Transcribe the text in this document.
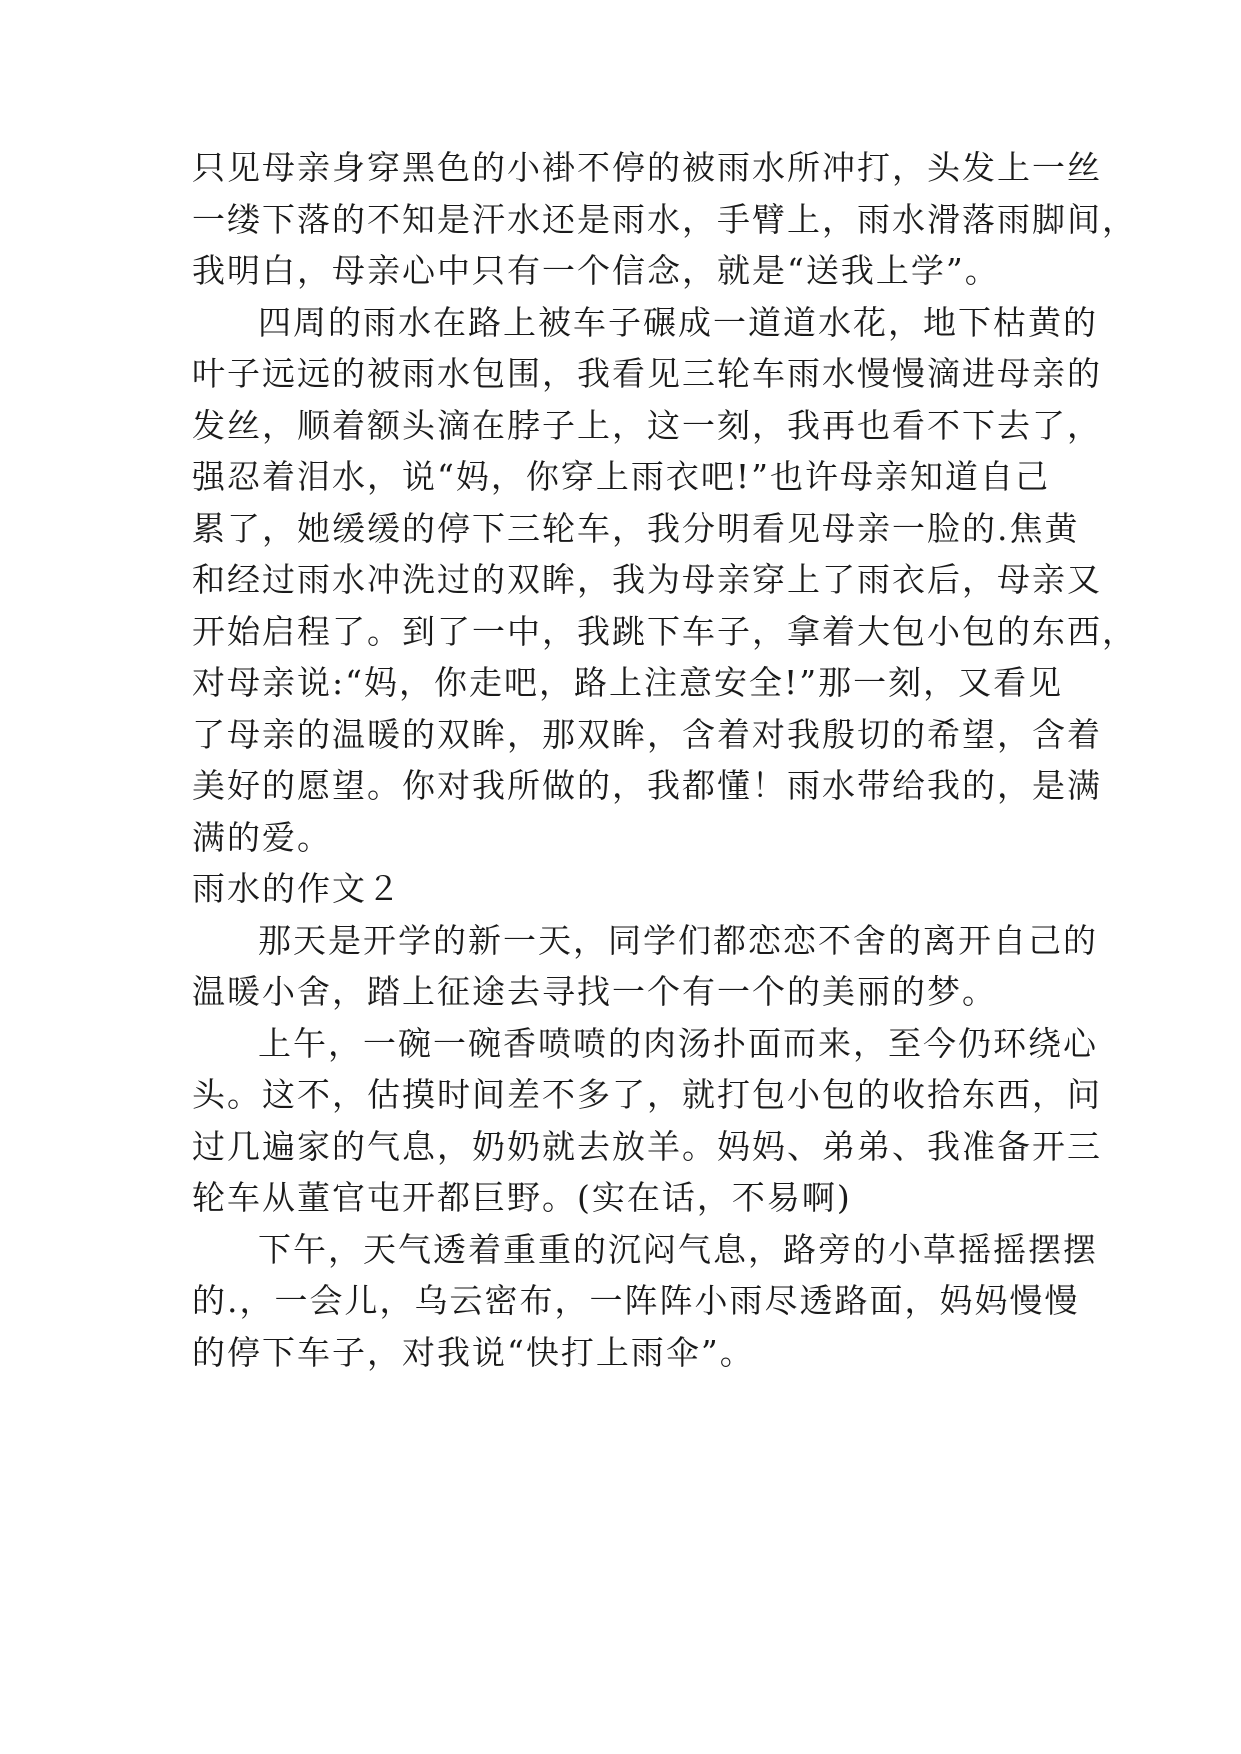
只见母亲身穿黑色的小褂不停的被雨水所冲打，头发上一丝
一缕下落的不知是汗水还是雨水，手臂上，雨水滑落雨脚间，
我明白，母亲心中只有一个信念，就是“送我上学”。
四周的雨水在路上被车子碾成一道道水花，地下枯黄的
叶子远远的被雨水包围，我看见三轮车雨水慢慢滴进母亲的
发丝，顺着额头滴在脖子上，这一刻，我再也看不下去了，
强忍着泪水，说“妈，你穿上雨衣吧!”也许母亲知道自己
累了，她缓缓的停下三轮车，我分明看见母亲一脸的.焦黄
和经过雨水冲洗过的双眸，我为母亲穿上了雨衣后，母亲又
开始启程了。到了一中，我跳下车子，拿着大包小包的东西，
对母亲说:“妈，你走吧，路上注意安全!”那一刻，又看见
了母亲的温暖的双眸，那双眸，含着对我殷切的希望，含着
美好的愿望。你对我所做的，我都懂！雨水带给我的，是满
满的爱。
雨水的作文２
那天是开学的新一天，同学们都恋恋不舍的离开自己的
温暖小舍，踏上征途去寻找一个有一个的美丽的梦。
上午，一碗一碗香喷喷的肉汤扑面而来，至今仍环绕心
头。这不，估摸时间差不多了，就打包小包的收拾东西，问
过几遍家的气息，奶奶就去放羊。妈妈、弟弟、我准备开三
轮车从董官屯开都巨野。(实在话，不易啊)
下午，天气透着重重的沉闷气息，路旁的小草摇摇摆摆
的.，一会儿，乌云密布，一阵阵小雨尽透路面，妈妈慢慢
的停下车子，对我说“快打上雨伞”。
